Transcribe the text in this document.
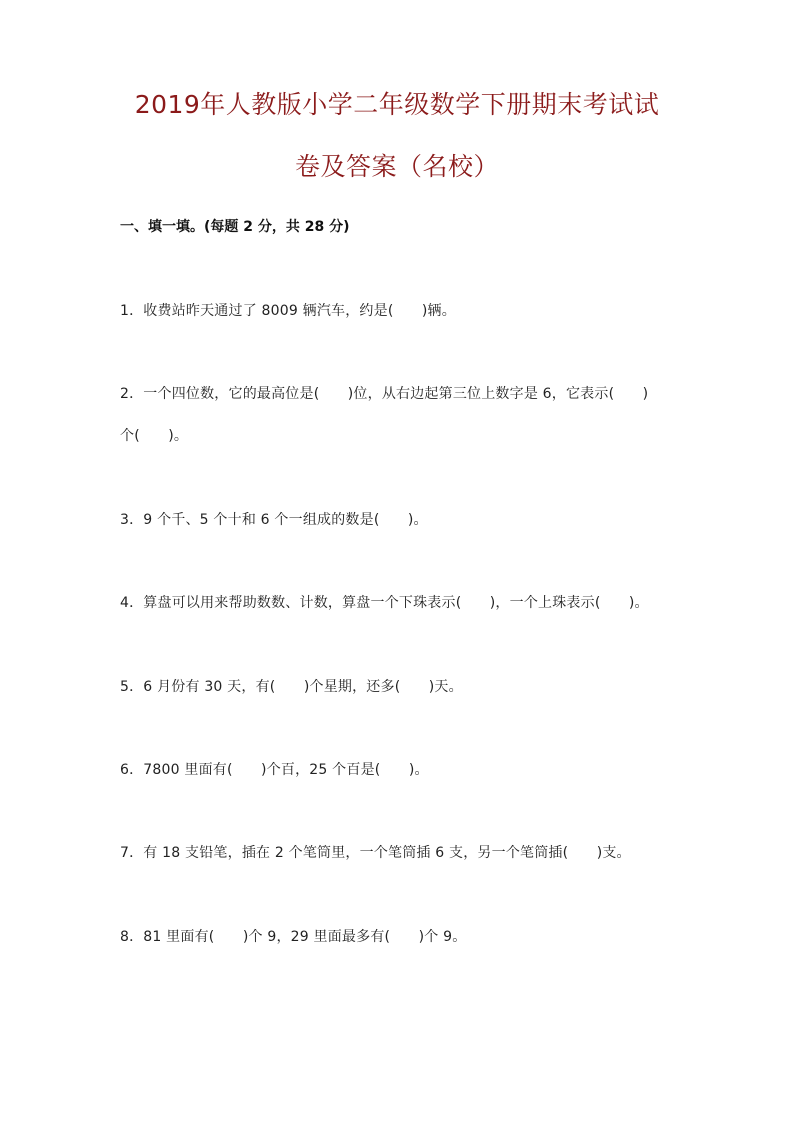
2019年人教版小学二年级数学下册期末考试试
卷及答案（名校）
一、填一填。(每题 2 分，共 28 分)
1．收费站昨天通过了 8009 辆汽车，约是(　　)辆。
2．一个四位数，它的最高位是(　　)位，从右边起第三位上数字是 6，它表示(　　)
个(　　)。
3．9 个千、5 个十和 6 个一组成的数是(　　)。
4．算盘可以用来帮助数数、计数，算盘一个下珠表示(　　)，一个上珠表示(　　)。
5．6 月份有 30 天，有(　　)个星期，还多(　　)天。
6．7800 里面有(　　)个百，25 个百是(　　)。
7．有 18 支铅笔，插在 2 个笔筒里，一个笔筒插 6 支，另一个笔筒插(　　)支。
8．81 里面有(　　)个 9，29 里面最多有(　　)个 9。
